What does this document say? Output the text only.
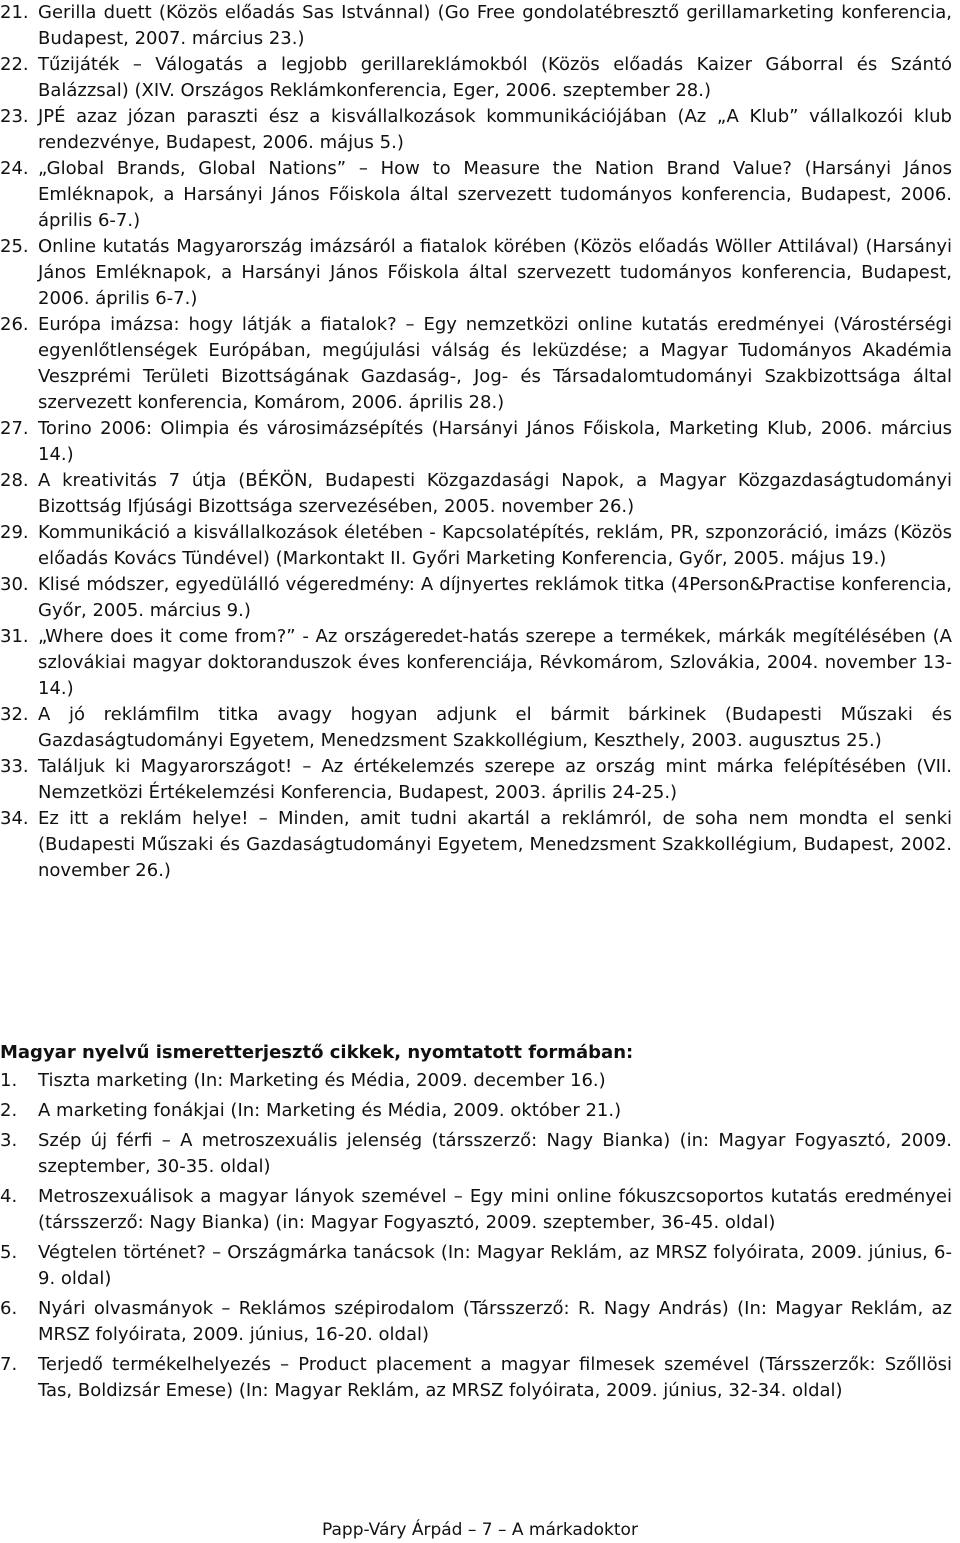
21. Gerilla duett (Közös előadás Sas Istvánnal) (Go Free gondolatébresztő gerillamarketing konferencia, Budapest, 2007. március 23.)
22. Tűzijáték – Válogatás a legjobb gerillareklámokból (Közös előadás Kaizer Gáborral és Szántó Balázzsal) (XIV. Országos Reklámkonferencia, Eger, 2006. szeptember 28.)
23. JPÉ azaz józan paraszti ész a kisvállalkozások kommunikációjában (Az „A Klub” vállalkozói klub rendezvénye, Budapest, 2006. május 5.)
24. „Global Brands, Global Nations” – How to Measure the Nation Brand Value? (Harsányi János Emléknapok, a Harsányi János Főiskola által szervezett tudományos konferencia, Budapest, 2006. április 6-7.)
25. Online kutatás Magyarország imázsáról a fiatalok körében (Közös előadás Wöller Attilával) (Harsányi János Emléknapok, a Harsányi János Főiskola által szervezett tudományos konferencia, Budapest, 2006. április 6-7.)
26. Európa imázsa: hogy látják a fiatalok? – Egy nemzetközi online kutatás eredményei (Várostérségi egyenlőtlenségek Európában, megújulási válság és leküzdése; a Magyar Tudományos Akadémia Veszprémi Területi Bizottságának Gazdaság-, Jog- és Társadalomtudományi Szakbizottsága által szervezett konferencia, Komárom, 2006. április 28.)
27. Torino 2006: Olimpia és városimázsépítés (Harsányi János Főiskola, Marketing Klub, 2006. március 14.)
28. A kreativitás 7 útja (BÉKÖN, Budapesti Közgazdasági Napok, a Magyar Közgazdaságtudományi Bizottság Ifjúsági Bizottsága szervezésében, 2005. november 26.)
29. Kommunikáció a kisvállalkozások életében - Kapcsolatépítés, reklám, PR, szponzoráció, imázs (Közös előadás Kovács Tündével) (Markontakt II. Győri Marketing Konferencia, Győr, 2005. május 19.)
30. Klisé módszer, egyedülálló végeredmény: A díjnyertes reklámok titka (4Person&Practise konferencia, Győr, 2005. március 9.)
31. „Where does it come from?” - Az országeredet-hatás szerepe a termékek, márkák megítélésében (A szlovákiai magyar doktoranduszok éves konferenciája, Révkomárom, Szlovákia, 2004. november 13-14.)
32. A jó reklámfilm titka avagy hogyan adjunk el bármit bárkinek (Budapesti Műszaki és Gazdaságtudományi Egyetem, Menedzsment Szakkollégium, Keszthely, 2003. augusztus 25.)
33. Találjuk ki Magyarországot! – Az értékelemzés szerepe az ország mint márka felépítésében (VII. Nemzetközi Értékelemzési Konferencia, Budapest, 2003. április 24-25.)
34. Ez itt a reklám helye! – Minden, amit tudni akartál a reklámról, de soha nem mondta el senki (Budapesti Műszaki és Gazdaságtudományi Egyetem, Menedzsment Szakkollégium, Budapest, 2002. november 26.)
Magyar nyelvű ismeretterjesztő cikkek, nyomtatott formában:
1. Tiszta marketing (In: Marketing és Média, 2009. december 16.)
2. A marketing fonákjai (In: Marketing és Média, 2009. október 21.)
3. Szép új férfi – A metroszexuális jelenség (társszerző: Nagy Bianka) (in: Magyar Fogyasztó, 2009. szeptember, 30-35. oldal)
4. Metroszexuálisok a magyar lányok szemével – Egy mini online fókuszcsoportos kutatás eredményei (társszerző: Nagy Bianka) (in: Magyar Fogyasztó, 2009. szeptember, 36-45. oldal)
5. Végtelen történet? – Országmárka tanácsok (In: Magyar Reklám, az MRSZ folyóirata, 2009. június, 6-9. oldal)
6. Nyári olvasmányok – Reklámos szépirodalom (Társszerző: R. Nagy András) (In: Magyar Reklám, az MRSZ folyóirata, 2009. június, 16-20. oldal)
7. Terjedő termékelhelyezés – Product placement a magyar filmesek szemével (Társszerzők: Szőllösi Tas, Boldizsár Emese) (In: Magyar Reklám, az MRSZ folyóirata, 2009. június, 32-34. oldal)
Papp-Váry Árpád – 7 – A márkadoktor
